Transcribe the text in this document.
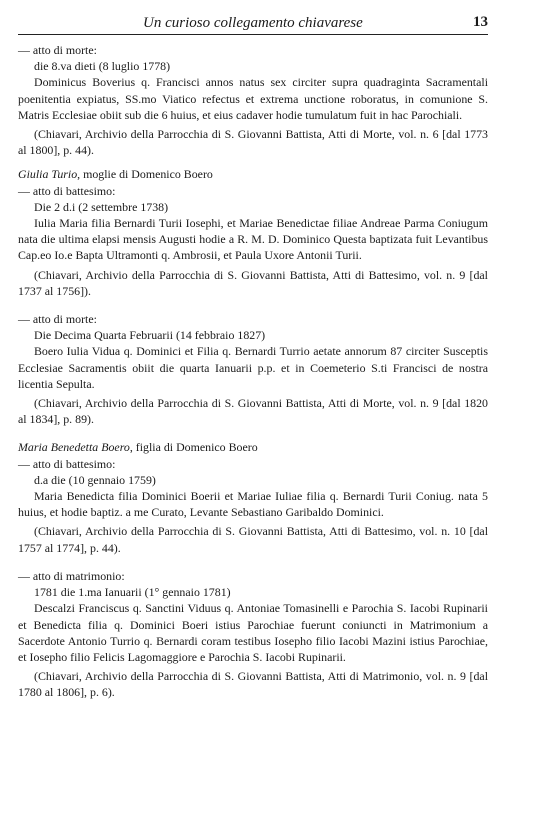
Un curioso collegamento chiavarese	13

— atto di morte:

die 8.va dieti (8 luglio 1778)

Dominicus Boverius q. Francisci annos natus sex circiter supra quadraginta Sacramentali poenitentia expiatus, SS.mo Viatico refectus et extrema unctione roboratus, in comunione S. Matris Ecclesiae obiit sub die 6 huius, et eius cadaver hodie tumulatum fuit in hac Parochiali.

(Chiavari, Archivio della Parrocchia di S. Giovanni Battista, Atti di Morte, vol. n. 6 [dal 1773 al 1800], p. 44).

Giulia Turio, moglie di Domenico Boero

— atto di battesimo:

Die 2 d.i (2 settembre 1738)

Iulia Maria filia Bernardi Turii Iosephi, et Mariae Benedictae filiae Andreae Parma Coniugum nata die ultima elapsi mensis Augusti hodie a R. M. D. Dominico Questa baptizata fuit Levantibus Cap.eo Io.e Bapta Ultramonti q. Ambrosii, et Paula Uxore Antonii Turii.

(Chiavari, Archivio della Parrocchia di S. Giovanni Battista, Atti di Battesimo, vol. n. 9 [dal 1737 al 1756]).

— atto di morte:

Die Decima Quarta Februarii (14 febbraio 1827)

Boero Iulia Vidua q. Dominici et Filia q. Bernardi Turrio aetate annorum 87 circiter Susceptis Ecclesiae Sacramentis obiit die quarta Ianuarii p.p. et in Coemeterio S.ti Francisci de nostra licentia Sepulta.

(Chiavari, Archivio della Parrocchia di S. Giovanni Battista, Atti di Morte, vol. n. 9 [dal 1820 al 1834], p. 89).

Maria Benedetta Boero, figlia di Domenico Boero

— atto di battesimo:

d.a die (10 gennaio 1759)

Maria Benedicta filia Dominici Boerii et Mariae Iuliae filia q. Bernardi Turii Coniug. nata 5 huius, et hodie baptiz. a me Curato, Levante Sebastiano Garibaldo Dominici.

(Chiavari, Archivio della Parrocchia di S. Giovanni Battista, Atti di Battesimo, vol. n. 10 [dal 1757 al 1774], p. 44).

— atto di matrimonio:

1781 die 1.ma Ianuarii (1° gennaio 1781)

Descalzi Franciscus q. Sanctini Viduus q. Antoniae Tomasinelli e Parochia S. Iacobi Rupinarii et Benedicta filia q. Dominici Boeri istius Parochiae fuerunt coniuncti in Matrimonium a Sacerdote Antonio Turrio q. Bernardi coram testibus Iosepho filio Iacobi Mazini istius Parochiae, et Iosepho filio Felicis Lagomaggiore e Parochia S. Iacobi Rupinarii.

(Chiavari, Archivio della Parrocchia di S. Giovanni Battista, Atti di Matrimonio, vol. n. 9 [dal 1780 al 1806], p. 6).
